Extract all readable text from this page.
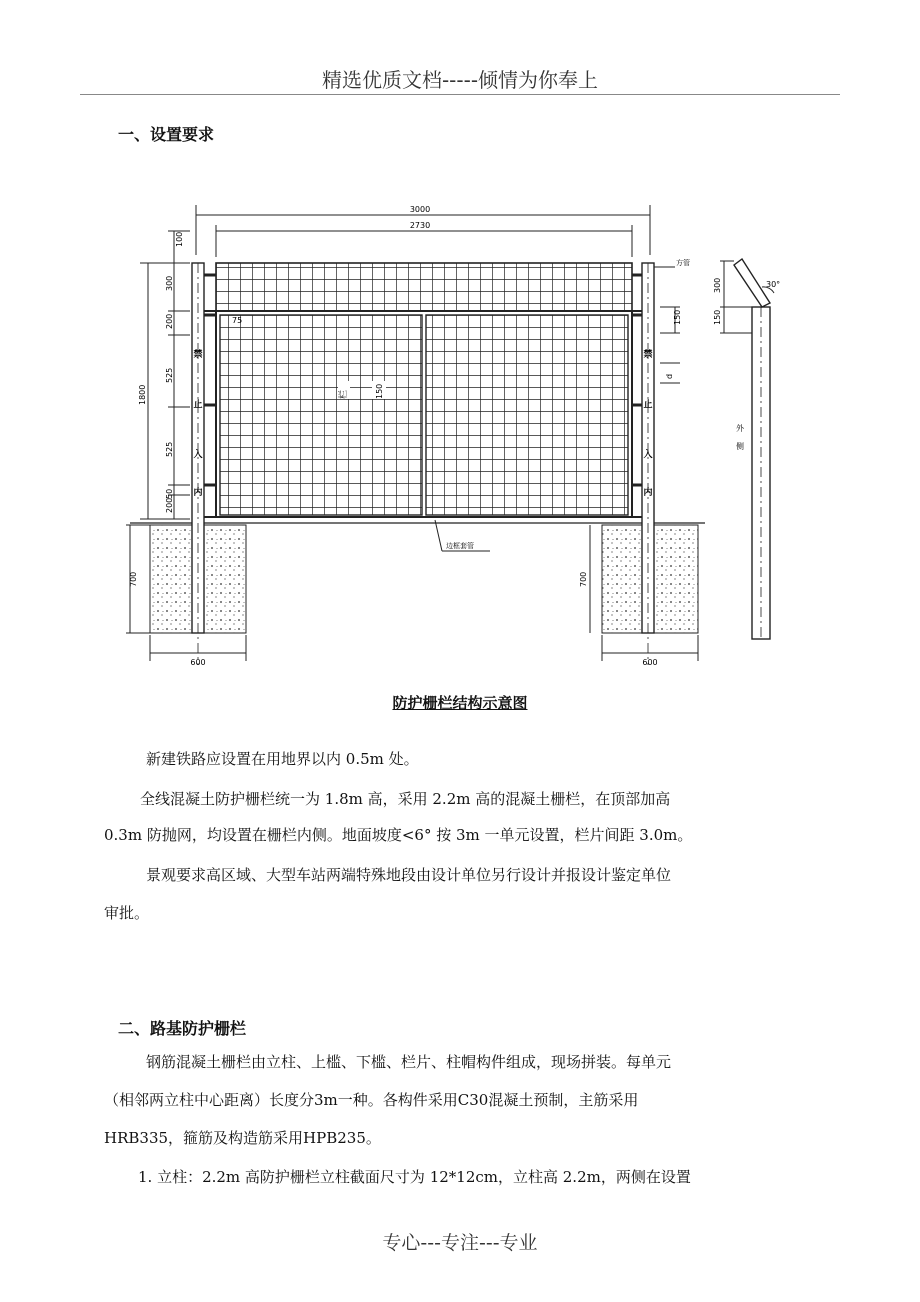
精选优质文档-----倾情为你奉上
一、设置要求
3000
2730
1800
100
300
200
525
525
50
200
700
禁
止
入
内
禁
止
入
内
75
栏	150
方管
150
d
边框套管
700
600	600
300
150
30°
外
侧
防护栅栏结构示意图
新建铁路应设置在用地界以内 0.5m 处。
全线混凝土防护栅栏统一为 1.8m 高，采用 2.2m 高的混凝土栅栏，在顶部加高
0.3m 防抛网，均设置在栅栏内侧。地面坡度<6° 按 3m 一单元设置，栏片间距 3.0m。
景观要求高区域、大型车站两端特殊地段由设计单位另行设计并报设计鉴定单位
审批。
二、路基防护栅栏
钢筋混凝土栅栏由立柱、上槛、下槛、栏片、柱帽构件组成，现场拼装。每单元
（相邻两立柱中心距离）长度分3m一种。各构件采用C30混凝土预制，主筋采用
HRB335，箍筋及构造筋采用HPB235。
1. 立柱：2.2m 高防护栅栏立柱截面尺寸为 12*12cm，立柱高 2.2m，两侧在设置
专心---专注---专业
